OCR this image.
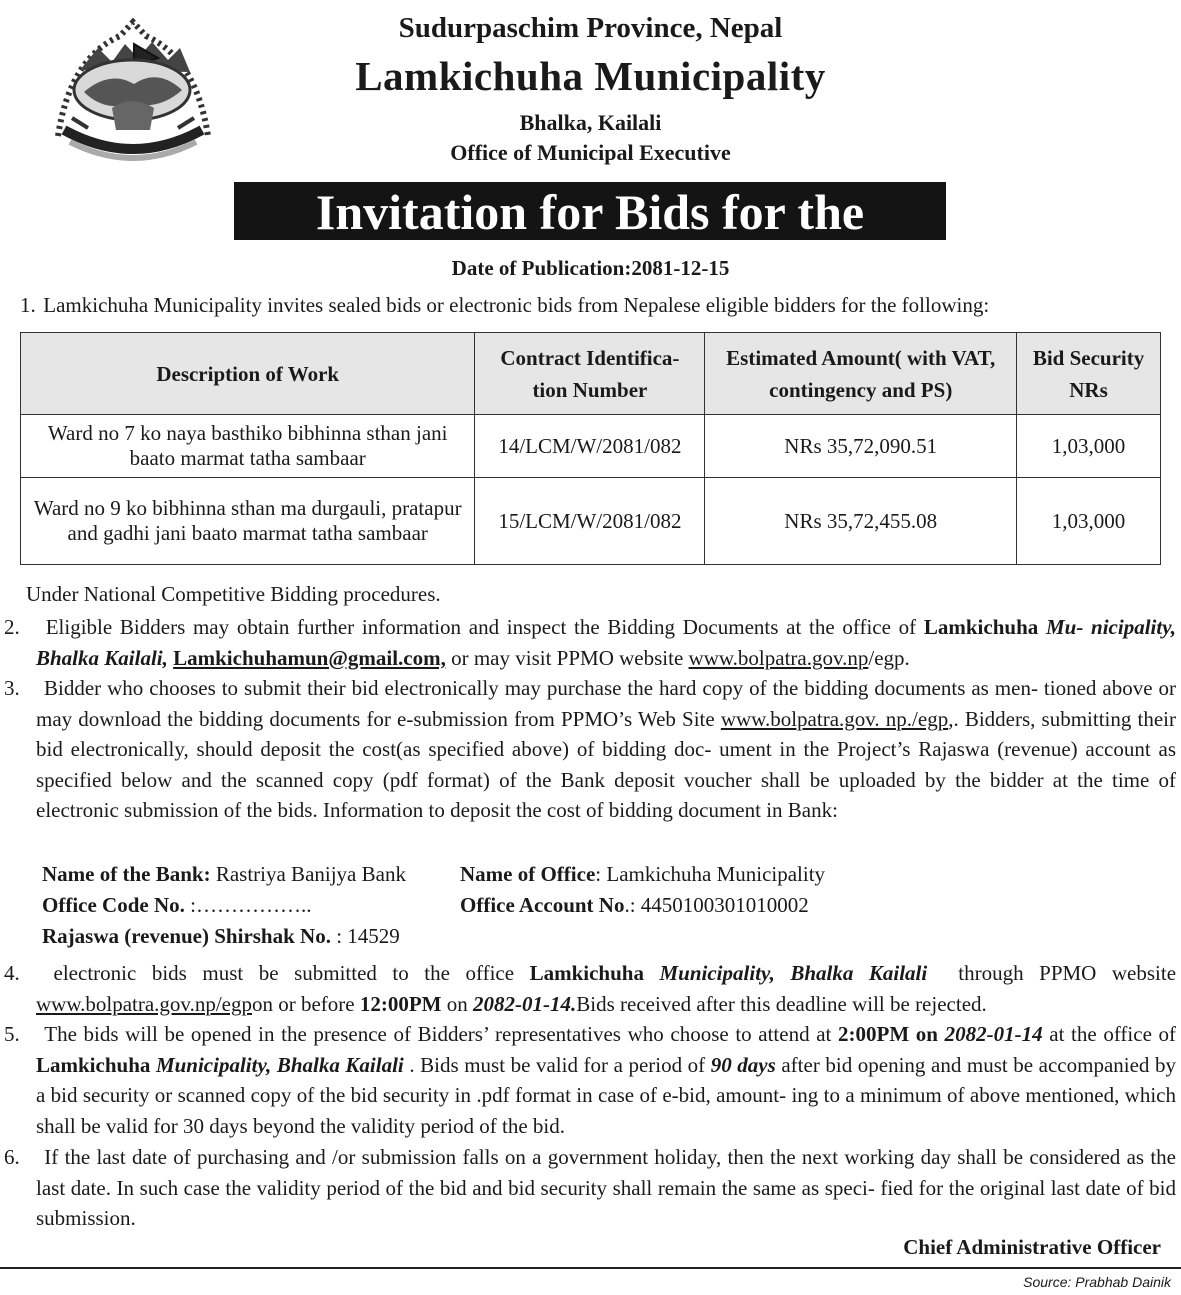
Sudurpaschim Province, Nepal
Lamkichuha Municipality
Bhalka, Kailali
Office of Municipal Executive
Invitation for Bids for the
Date of Publication:2081-12-15
1. Lamkichuha Municipality invites sealed bids or electronic bids from Nepalese eligible bidders for the following:
Description of Work	Contract Identifica- tion Number	Estimated Amount( with VAT, contingency and PS)	Bid Security NRs
Ward no 7 ko naya basthiko bibhinna sthan jani baato marmat tatha sambaar	14/LCM/W/2081/082	NRs 35,72,090.51	1,03,000
Ward no 9 ko bibhinna sthan ma durgauli, pratapur and gadhi jani baato marmat tatha sambaar	15/LCM/W/2081/082	NRs 35,72,455.08	1,03,000
Under National Competitive Bidding procedures.
2. Eligible Bidders may obtain further information and inspect the Bidding Documents at the office of Lamkichuha Mu- nicipality, Bhalka Kailali, Lamkichuhamun@gmail.com, or may visit PPMO website www.bolpatra.gov.np/egp.
3. Bidder who chooses to submit their bid electronically may purchase the hard copy of the bidding documents as men- tioned above or may download the bidding documents for e-submission from PPMO’s Web Site www.bolpatra.gov. np./egp,. Bidders, submitting their bid electronically, should deposit the cost(as specified above) of bidding doc- ument in the Project’s Rajaswa (revenue) account as specified below and the scanned copy (pdf format) of the Bank deposit voucher shall be uploaded by the bidder at the time of electronic submission of the bids. Information to deposit the cost of bidding document in Bank:
Name of the Bank: Rastriya Banijya Bank	Name of Office: Lamkichuha Municipality
Office Code No. :……………..	Office Account No.: 4450100301010002
Rajaswa (revenue) Shirshak No. : 14529
4. electronic bids must be submitted to the office Lamkichuha Municipality, Bhalka Kailali through PPMO website www.bolpatra.gov.np/egpon or before 12:00PM on 2082-01-14.Bids received after this deadline will be rejected.
5. The bids will be opened in the presence of Bidders’ representatives who choose to attend at 2:00PM on 2082-01-14 at the office of Lamkichuha Municipality, Bhalka Kailali . Bids must be valid for a period of 90 days after bid opening and must be accompanied by a bid security or scanned copy of the bid security in .pdf format in case of e-bid, amount- ing to a minimum of above mentioned, which shall be valid for 30 days beyond the validity period of the bid.
6. If the last date of purchasing and /or submission falls on a government holiday, then the next working day shall be considered as the last date. In such case the validity period of the bid and bid security shall remain the same as speci- fied for the original last date of bid submission.
Chief Administrative Officer
Source: Prabhab Dainik
